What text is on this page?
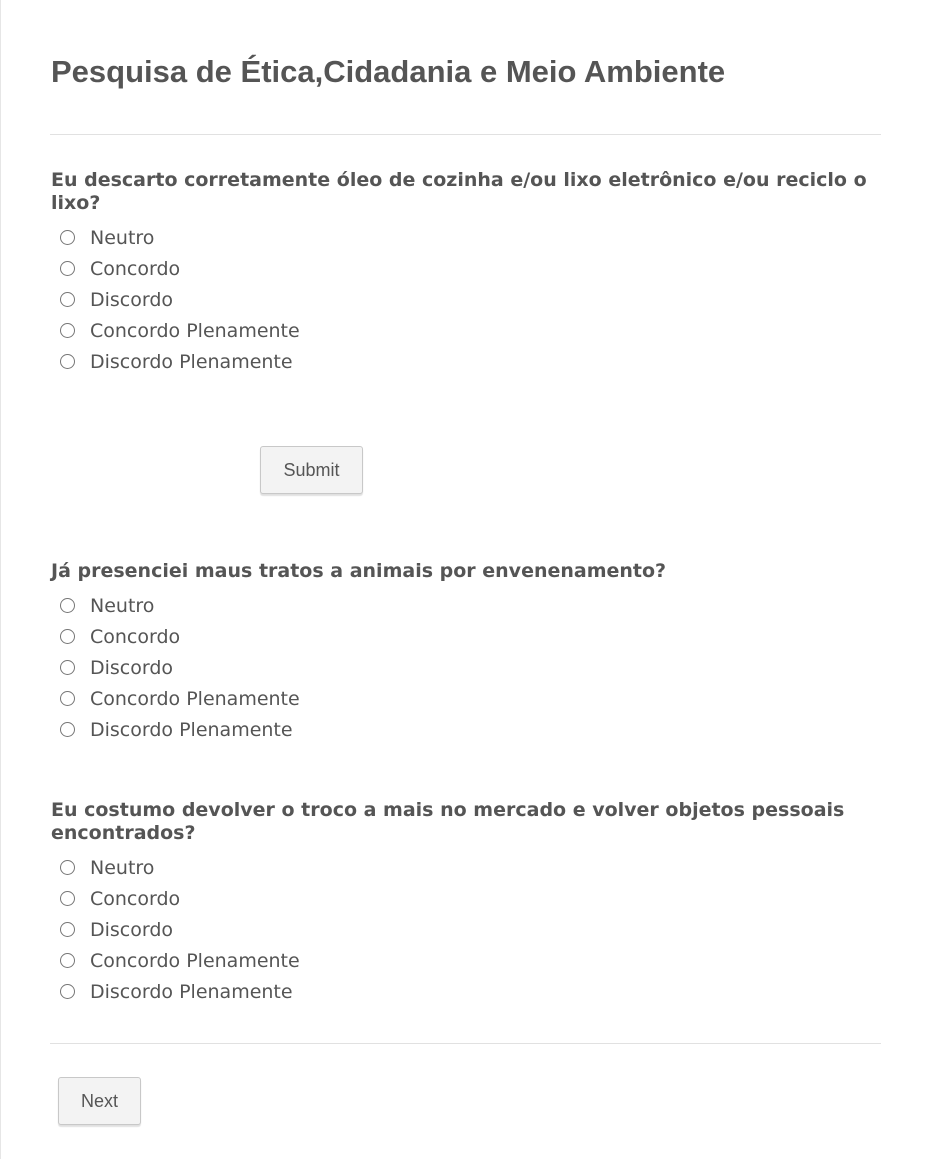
Pesquisa de Ética,Cidadania e Meio Ambiente

Eu descarto corretamente óleo de cozinha e/ou lixo eletrônico e/ou reciclo o lixo?

Neutro
Concordo
Discordo
Concordo Plenamente
Discordo Plenamente
Submit

Já presenciei maus tratos a animais por envenenamento?

Neutro
Concordo
Discordo
Concordo Plenamente
Discordo Plenamente

Eu costumo devolver o troco a mais no mercado e volver objetos pessoais encontrados?

Neutro
Concordo
Discordo
Concordo Plenamente
Discordo Plenamente
Next
